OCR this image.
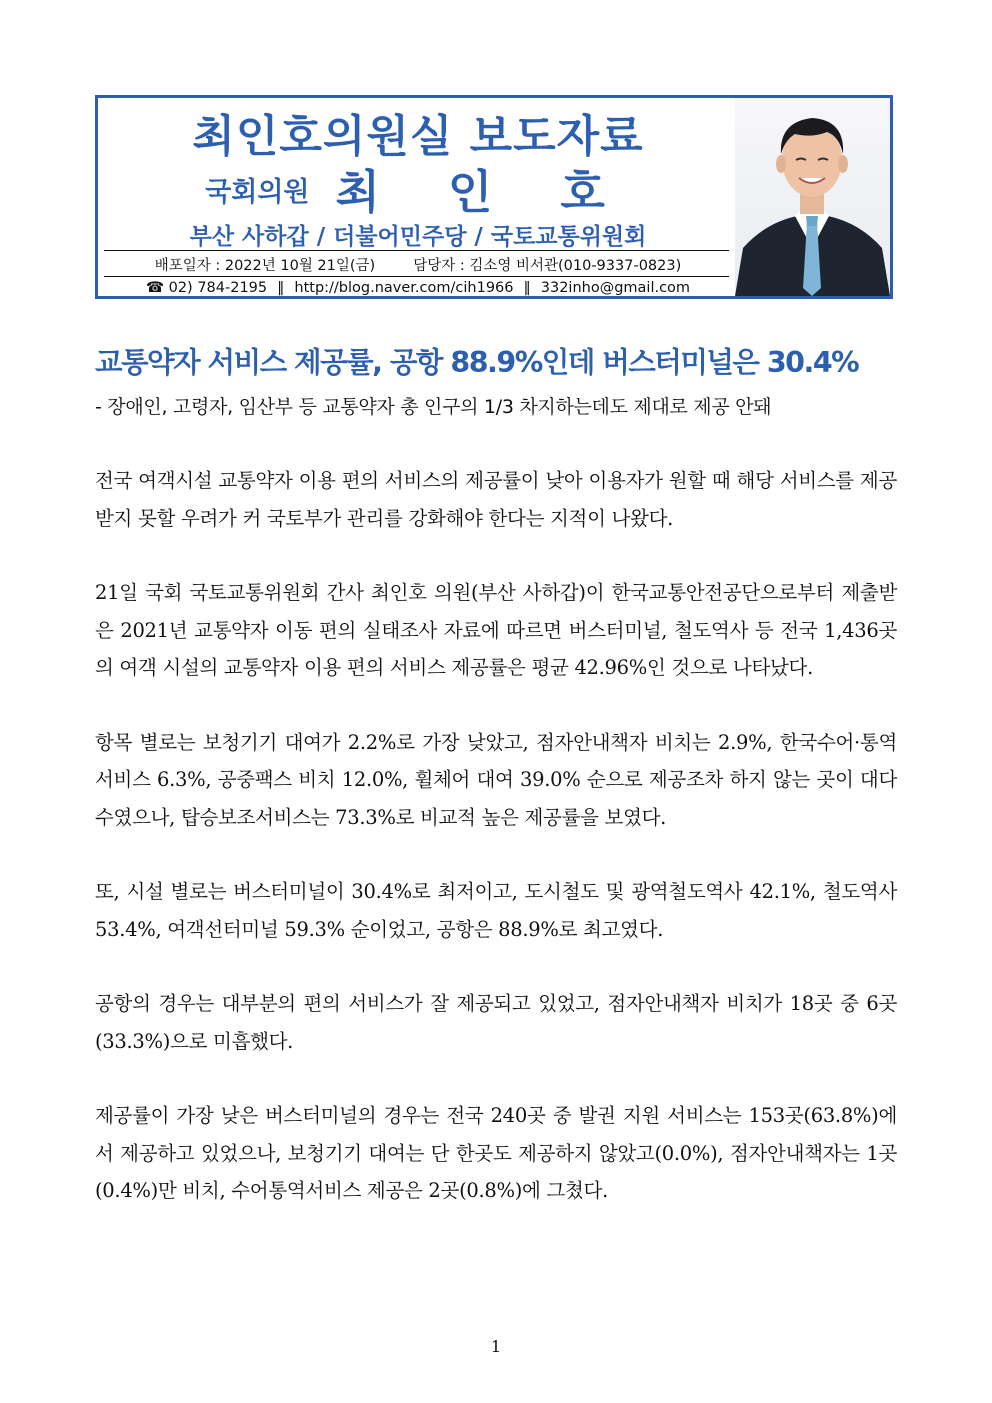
최인호의원실 보도자료
국회의원 최 인 호
부산 사하갑 / 더불어민주당 / 국토교통위원회
배포일자 : 2022년 10월 21일(금)	담당자 : 김소영 비서관(010-9337-0823)
☎ 02) 784-2195 ‖ http://blog.naver.com/cih1966 ‖ 332inho@gmail.com
교통약자 서비스 제공률, 공항 88.9%인데 버스터미널은 30.4%
- 장애인, 고령자, 임산부 등 교통약자 총 인구의 1/3 차지하는데도 제대로 제공 안돼

전국 여객시설 교통약자 이용 편의 서비스의 제공률이 낮아 이용자가 원할 때 해당 서비스를 제공받지 못할 우려가 커 국토부가 관리를 강화해야 한다는 지적이 나왔다.

21일 국회 국토교통위원회 간사 최인호 의원(부산 사하갑)이 한국교통안전공단으로부터 제출받은 2021년 교통약자 이동 편의 실태조사 자료에 따르면 버스터미널, 철도역사 등 전국 1,436곳의 여객 시설의 교통약자 이용 편의 서비스 제공률은 평균 42.96%인 것으로 나타났다.

항목 별로는 보청기기 대여가 2.2%로 가장 낮았고, 점자안내책자 비치는 2.9%, 한국수어·통역서비스 6.3%, 공중팩스 비치 12.0%, 휠체어 대여 39.0% 순으로 제공조차 하지 않는 곳이 대다수였으나, 탑승보조서비스는 73.3%로 비교적 높은 제공률을 보였다.

또, 시설 별로는 버스터미널이 30.4%로 최저이고, 도시철도 및 광역철도역사 42.1%, 철도역사 53.4%, 여객선터미널 59.3% 순이었고, 공항은 88.9%로 최고였다.

공항의 경우는 대부분의 편의 서비스가 잘 제공되고 있었고, 점자안내책자 비치가 18곳 중 6곳(33.3%)으로 미흡했다.

제공률이 가장 낮은 버스터미널의 경우는 전국 240곳 중 발권 지원 서비스는 153곳(63.8%)에서 제공하고 있었으나, 보청기기 대여는 단 한곳도 제공하지 않았고(0.0%), 점자안내책자는 1곳(0.4%)만 비치, 수어통역서비스 제공은 2곳(0.8%)에 그쳤다.

1
